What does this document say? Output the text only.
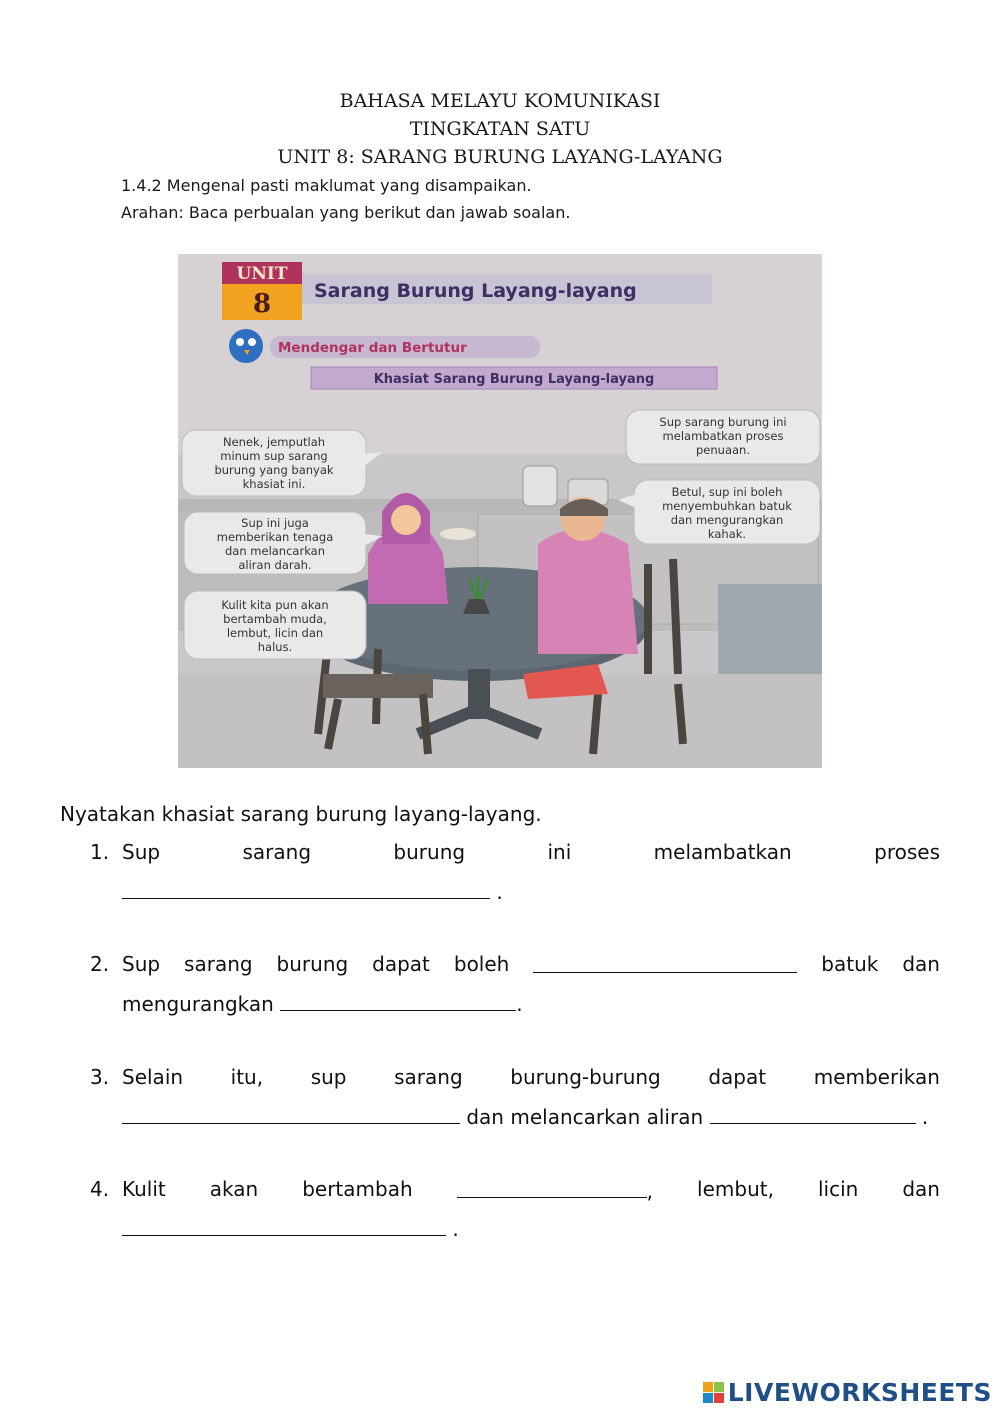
BAHASA MELAYU KOMUNIKASI
TINGKATAN SATU
UNIT 8: SARANG BURUNG LAYANG-LAYANG
1.4.2 Mengenal pasti maklumat yang disampaikan.
Arahan: Baca perbualan yang berikut dan jawab soalan.
UNIT
8 Sarang Burung Layang-layang
Mendengar dan Bertutur
Khasiat Sarang Burung Layang-layang
Nenek, jemputlah
minum sup sarang
burung yang banyak
khasiat ini.
Sup ini juga
memberikan tenaga
dan melancarkan
aliran darah.
Kulit kita pun akan
bertambah muda,
lembut, licin dan
halus.
Sup sarang burung ini
melambatkan proses
penuaan.
Betul, sup ini boleh
menyembuhkan batuk
dan mengurangkan
kahak.
Nyatakan khasiat sarang burung layang-layang.
1. Sup	sarang	burung	ini	melambatkan	proses
.
2. Sup sarang burung dapat boleh	batuk dan
mengurangkan	.
3. Selain itu, sup sarang burung-burung dapat memberikan
dan melancarkan aliran	.
4. Kulit akan bertambah	, lembut, licin dan
.
LIVEWORKSHEETS
